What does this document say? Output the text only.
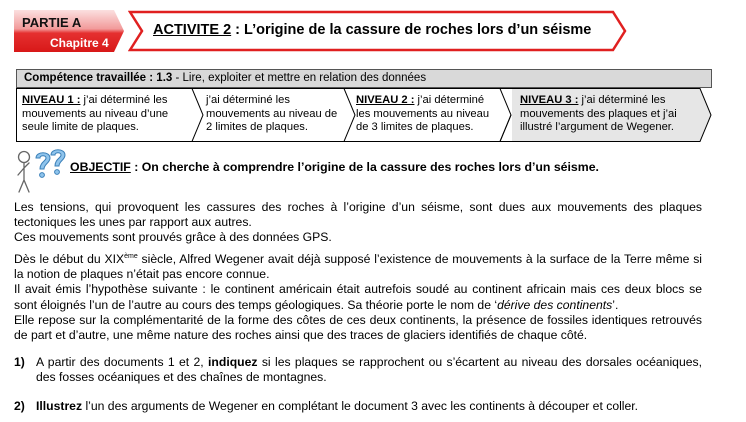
PARTIE A
Chapitre 4
ACTIVITE 2 : L’origine de la cassure de roches lors d’un séisme
Compétence travaillée : 1.3 - Lire, exploiter et mettre en relation des données
NIVEAU 1 : j’ai déterminé les mouvements au niveau d’une seule limite de plaques.
j’ai déterminé les mouvements au niveau de 2 limites de plaques.
NIVEAU 2 : j’ai déterminé les mouvements au niveau de 3 limites de plaques.
NIVEAU 3 : j’ai déterminé les mouvements des plaques et j’ai illustré l’argument de Wegener.
OBJECTIF : On cherche à comprendre l’origine de la cassure des roches lors d’un séisme.
Les tensions, qui provoquent les cassures des roches à l’origine d’un séisme, sont dues aux mouvements des plaques tectoniques les unes par rapport aux autres.
Ces mouvements sont prouvés grâce à des données GPS.
Dès le début du XIXème siècle, Alfred Wegener avait déjà supposé l’existence de mouvements à la surface de la Terre même si la notion de plaques n’était pas encore connue.
Il avait émis l’hypothèse suivante : le continent américain était autrefois soudé au continent africain mais ces deux blocs se sont éloignés l’un de l’autre au cours des temps géologiques. Sa théorie porte le nom de ‘dérive des continents’.
Elle repose sur la complémentarité de la forme des côtes de ces deux continents, la présence de fossiles identiques retrouvés de part et d’autre, une même nature des roches ainsi que des traces de glaciers identifiés de chaque côté.
1) A partir des documents 1 et 2, indiquez si les plaques se rapprochent ou s’écartent au niveau des dorsales océaniques, des fosses océaniques et des chaînes de montagnes.
2) Illustrez l’un des arguments de Wegener en complétant le document 3 avec les continents à découper et coller.
